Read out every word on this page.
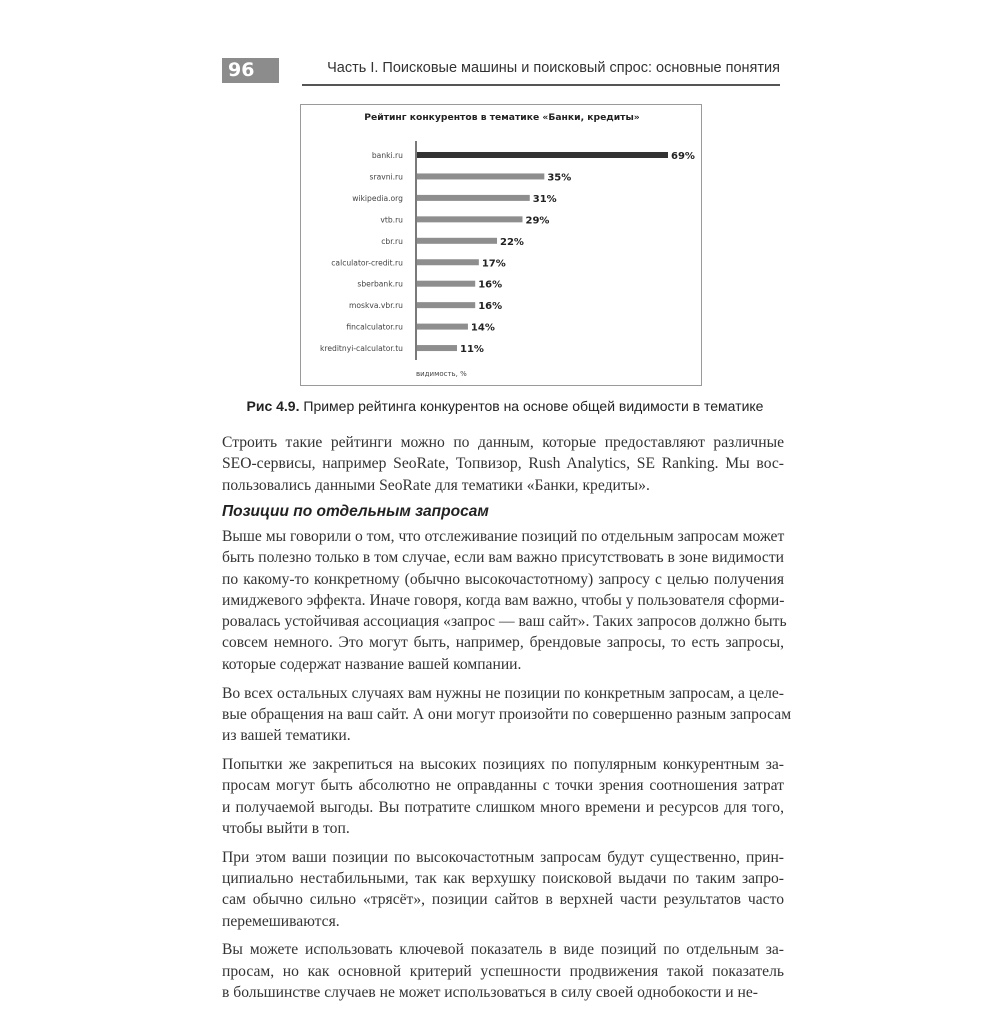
96	Часть I. Поисковые машины и поисковый спрос: основные понятия
Рейтинг конкурентов в тематике «Банки, кредиты»
banki.ru	69%
sravni.ru	35%
wikipedia.org	31%
vtb.ru	29%
cbr.ru	22%
calculator-credit.ru	17%
sberbank.ru	16%
moskva.vbr.ru	16%
fincalculator.ru	14%
kreditnyi-calculator.tu	11%
видимость, %
Рис 4.9. Пример рейтинга конкурентов на основе общей видимости в тематике

Строить такие рейтинги можно по данным, которые предоставляют различные
SEO-сервисы, например SeoRate, Топвизор, Rush Analytics, SE Ranking. Мы вос-
пользовались данными SeoRate для тематики «Банки, кредиты».

Позиции по отдельным запросам

Выше мы говорили о том, что отслеживание позиций по отдельным запросам может
быть полезно только в том случае, если вам важно присутствовать в зоне видимости
по какому-то конкретному (обычно высокочастотному) запросу с целью получения
имиджевого эффекта. Иначе говоря, когда вам важно, чтобы у пользователя сформи-
ровалась устойчивая ассоциация «запрос — ваш сайт». Таких запросов должно быть
совсем немного. Это могут быть, например, брендовые запросы, то есть запросы,
которые содержат название вашей компании.

Во всех остальных случаях вам нужны не позиции по конкретным запросам, а целе-
вые обращения на ваш сайт. А они могут произойти по совершенно разным запросам
из вашей тематики.

Попытки же закрепиться на высоких позициях по популярным конкурентным за-
просам могут быть абсолютно не оправданны с точки зрения соотношения затрат
и получаемой выгоды. Вы потратите слишком много времени и ресурсов для того,
чтобы выйти в топ.

При этом ваши позиции по высокочастотным запросам будут существенно, прин-
ципиально нестабильными, так как верхушку поисковой выдачи по таким запро-
сам обычно сильно «трясёт», позиции сайтов в верхней части результатов часто
перемешиваются.

Вы можете использовать ключевой показатель в виде позиций по отдельным за-
просам, но как основной критерий успешности продвижения такой показатель
в большинстве случаев не может использоваться в силу своей однобокости и не-
